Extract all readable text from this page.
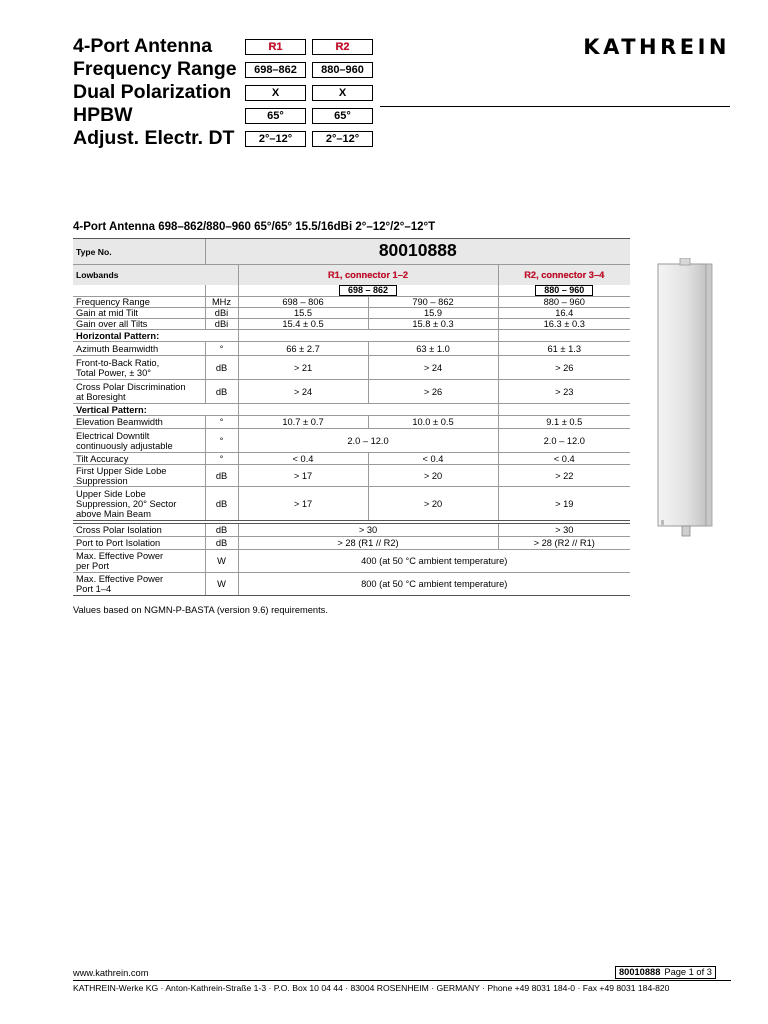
4-Port Antenna	R1	R2
Frequency Range	698–862	880–960
Dual Polarization	X	X
HPBW	65°	65°
Adjust. Electr. DT	2°–12°	2°–12°
KATHREIN
4-Port Antenna 698–862/880–960 65°/65° 15.5/16dBi 2°–12°/2°–12°T
Type No.	80010888			
Lowbands		R1, connector 1–2		R2, connector 3–4
		698 – 862		880 – 960
Frequency Range	MHz	698 – 806	790 – 862	880 – 960
Gain at mid Tilt	dBi	15.5	15.9	16.4
Gain over all Tilts	dBi	15.4 ± 0.5	15.8 ± 0.3	16.3 ± 0.3
Horizontal Pattern:				
Azimuth Beamwidth	°	66 ± 2.7	63 ± 1.0	61 ± 1.3
Front-to-Back Ratio,
Total Power, ± 30°	dB	> 21	> 24	> 26
Cross Polar Discrimination
at Boresight	dB	> 24	> 26	> 23
Vertical Pattern:				
Elevation Beamwidth	°	10.7 ± 0.7	10.0 ± 0.5	9.1 ± 0.5
Electrical Downtilt
continuously adjustable	°	2.0 – 12.0		2.0 – 12.0
Tilt Accuracy	°	< 0.4	< 0.4	< 0.4
First Upper Side Lobe
Suppression	dB	> 17	> 20	> 22
Upper Side Lobe
Suppression, 20° Sector
above Main Beam	dB	> 17	> 20	> 19

Cross Polar Isolation	dB	> 30		> 30
Port to Port Isolation	dB	> 28 (R1 // R2)		> 28 (R2 // R1)
Max. Effective Power
per Port	W	400 (at 50 °C ambient temperature)		
Max. Effective Power
Port 1–4	W	800 (at 50 °C ambient temperature)		
Values based on NGMN-P-BASTA (version 9.6) requirements.
www.kathrein.com	80010888 Page 1 of 3
KATHREIN-Werke KG · Anton-Kathrein-Straße 1-3 · P.O. Box 10 04 44 · 83004 ROSENHEIM · GERMANY · Phone +49 8031 184-0 · Fax +49 8031 184-820
